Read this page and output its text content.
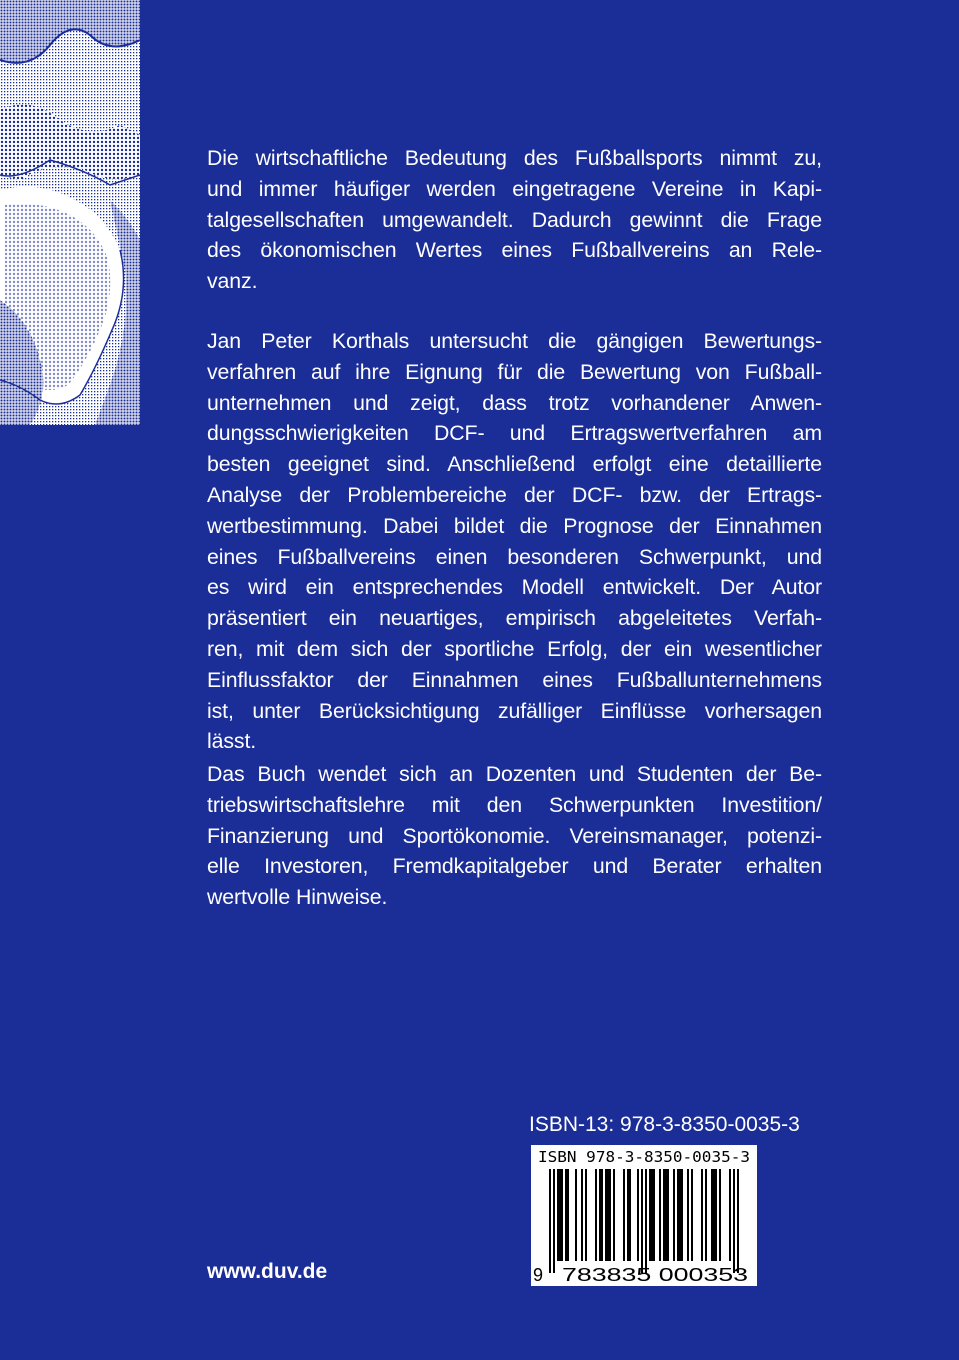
Die wirtschaftliche Bedeutung des Fußballsports nimmt zu,
und immer häufiger werden eingetragene Vereine in Kapi-
talgesellschaften umgewandelt. Dadurch gewinnt die Frage
des ökonomischen Wertes eines Fußballvereins an Rele-
vanz.
Jan Peter Korthals untersucht die gängigen Bewertungs-
verfahren auf ihre Eignung für die Bewertung von Fußball-
unternehmen und zeigt, dass trotz vorhandener Anwen-
dungsschwierigkeiten DCF- und Ertragswertverfahren am
besten geeignet sind. Anschließend erfolgt eine detaillierte
Analyse der Problembereiche der DCF- bzw. der Ertrags-
wertbestimmung. Dabei bildet die Prognose der Einnahmen
eines Fußballvereins einen besonderen Schwerpunkt, und
es wird ein entsprechendes Modell entwickelt. Der Autor
präsentiert ein neuartiges, empirisch abgeleitetes Verfah-
ren, mit dem sich der sportliche Erfolg, der ein wesentlicher
Einflussfaktor der Einnahmen eines Fußballunternehmens
ist, unter Berücksichtigung zufälliger Einflüsse vorhersagen
lässt.
Das Buch wendet sich an Dozenten und Studenten der Be-
triebswirtschaftslehre mit den Schwerpunkten Investition/
Finanzierung und Sportökonomie. Vereinsmanager, potenzi-
elle Investoren, Fremdkapitalgeber und Berater erhalten
wertvolle Hinweise.
ISBN-13: 978-3-8350-0035-3
ISBN 978-3-8350-0035-3
9 783835 000353
www.duv.de
